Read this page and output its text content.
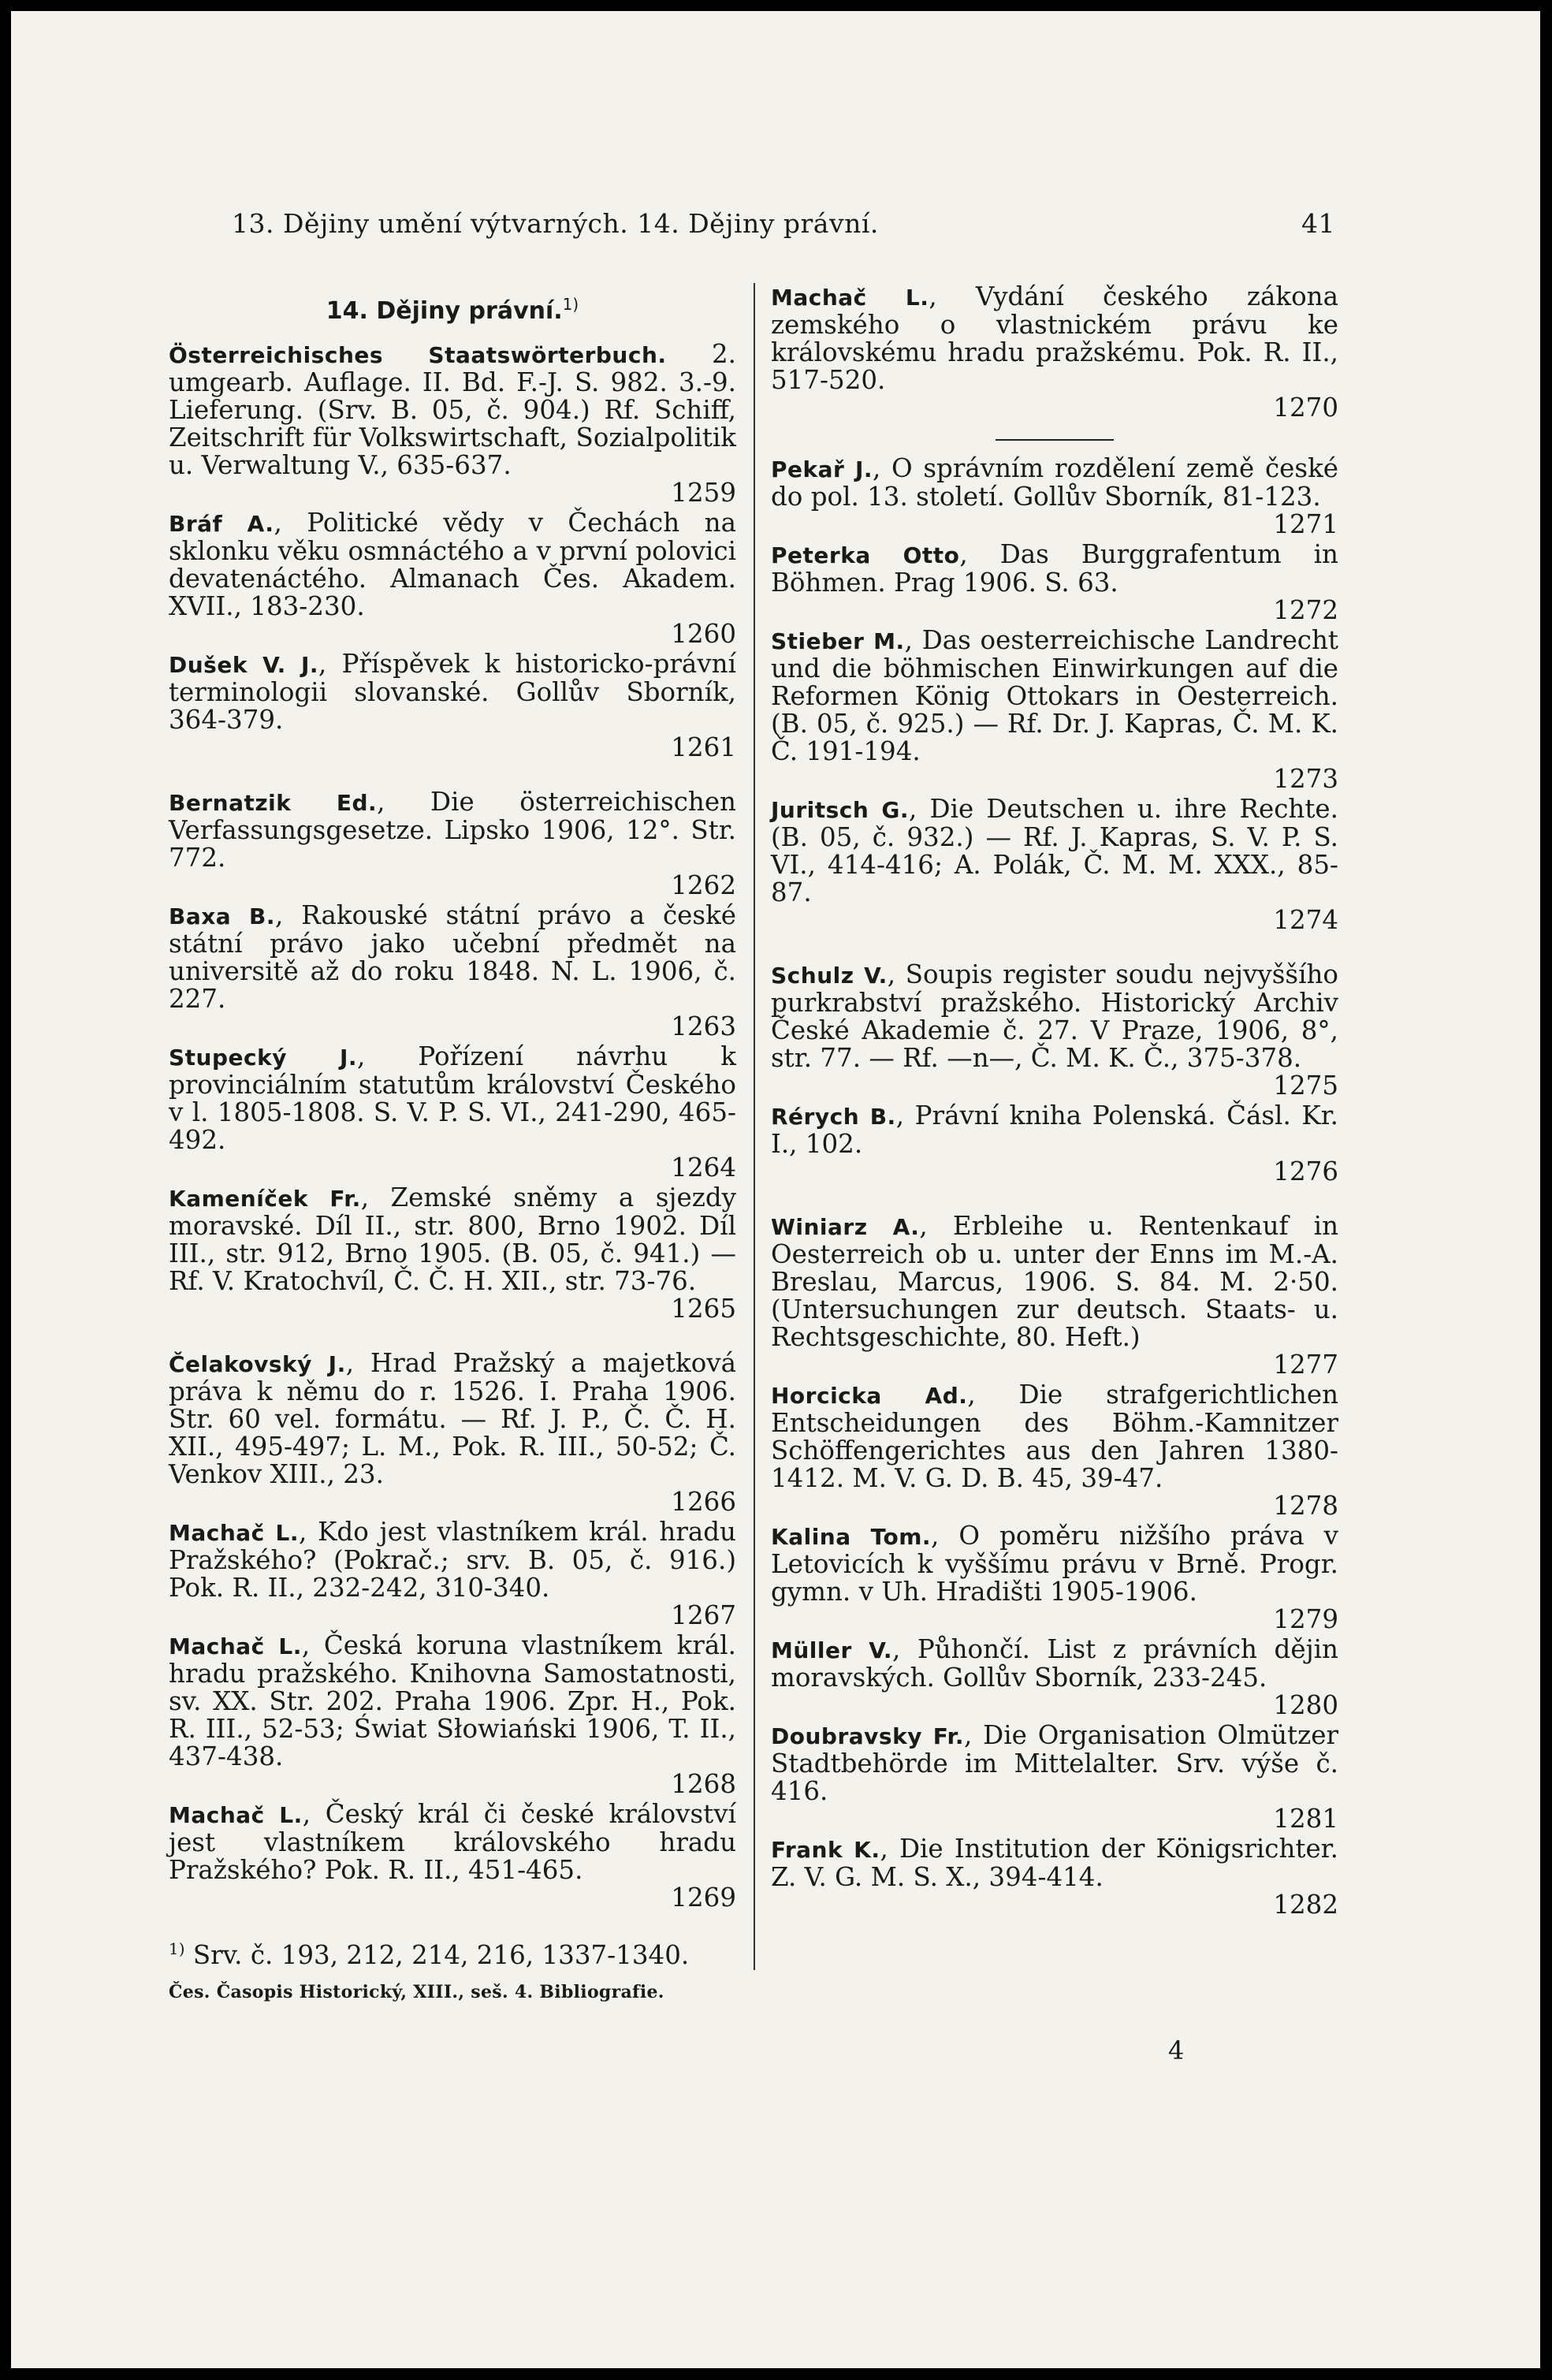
13. Dějiny umění výtvarných. 14. Dějiny právní.	41
14. Dějiny právní.$^{1)}$
Österreichisches Staatswörterbuch. 2. umgearb. Auflage. II. Bd. F.-J. S. 982. 3.-9. Lieferung. (Srv. B. 05, č. 904.) Rf. Schiff, Zeitschrift für Volkswirtschaft, Sozialpolitik u. Verwaltung V., 635-637.
1259
Bráf A., Politické vědy v Čechách na sklonku věku osmnáctého a v první polovici devatenáctého. Almanach Čes. Akadem. XVII., 183-230.
1260
Dušek V. J., Příspěvek k historicko-právní terminologii slovanské. Gollův Sborník, 364-379.
1261
Bernatzik Ed., Die österreichischen Verfassungsgesetze. Lipsko 1906, 12°. Str. 772.
1262
Baxa B., Rakouské státní právo a české státní právo jako učební předmět na universitě až do roku 1848. N. L. 1906, č. 227.
1263
Stupecký J., Pořízení návrhu k provinciálním statutům království Českého v l. 1805-1808. S. V. P. S. VI., 241-290, 465-492.
1264
Kameníček Fr., Zemské sněmy a sjezdy moravské. Díl II., str. 800, Brno 1902. Díl III., str. 912, Brno 1905. (B. 05, č. 941.) — Rf. V. Kratochvíl, Č. Č. H. XII., str. 73-76.
1265
Čelakovský J., Hrad Pražský a majetková práva k němu do r. 1526. I. Praha 1906. Str. 60 vel. formátu. — Rf. J. P., Č. Č. H. XII., 495-497; L. M., Pok. R. III., 50-52; Č. Venkov XIII., 23.
1266
Machač L., Kdo jest vlastníkem král. hradu Pražského? (Pokrač.; srv. B. 05, č. 916.) Pok. R. II., 232-242, 310-340.
1267
Machač L., Česká koruna vlastníkem král. hradu pražského. Knihovna Samostatnosti, sv. XX. Str. 202. Praha 1906. Zpr. H., Pok. R. III., 52-53; Świat Słowiański 1906, T. II., 437-438.
1268
Machač L., Český král či české království jest vlastníkem královského hradu Pražského? Pok. R. II., 451-465.
1269
$^{1)}$ Srv. č. 193, 212, 214, 216, 1337-1340.
Čes. Časopis Historický, XIII., seš. 4. Bibliografie.
Machač L., Vydání českého zákona zemského o vlastnickém právu ke královskému hradu pražskému. Pok. R. II., 517-520.
1270
Pekař J., O správním rozdělení země české do pol. 13. století. Gollův Sborník, 81-123.
1271
Peterka Otto, Das Burggrafentum in Böhmen. Prag 1906. S. 63.
1272
Stieber M., Das oesterreichische Landrecht und die böhmischen Einwirkungen auf die Reformen König Ottokars in Oesterreich. (B. 05, č. 925.) — Rf. Dr. J. Kapras, Č. M. K. Č. 191-194.
1273
Juritsch G., Die Deutschen u. ihre Rechte. (B. 05, č. 932.) — Rf. J. Kapras, S. V. P. S. VI., 414-416; A. Polák, Č. M. M. XXX., 85-87.
1274
Schulz V., Soupis register soudu nejvyššího purkrabství pražského. Historický Archiv České Akademie č. 27. V Praze, 1906, 8°, str. 77. — Rf. —n—, Č. M. K. Č., 375-378.
1275
Rérych B., Právní kniha Polenská. Čásl. Kr. I., 102.
1276
Winiarz A., Erbleihe u. Rentenkauf in Oesterreich ob u. unter der Enns im M.-A. Breslau, Marcus, 1906. S. 84. M. 2·50. (Untersuchungen zur deutsch. Staats- u. Rechtsgeschichte, 80. Heft.)
1277
Horcicka Ad., Die strafgerichtlichen Entscheidungen des Böhm.-Kamnitzer Schöffengerichtes aus den Jahren 1380-1412. M. V. G. D. B. 45, 39-47.
1278
Kalina Tom., O poměru nižšího práva v Letovicích k vyššímu právu v Brně. Progr. gymn. v Uh. Hradišti 1905-1906.
1279
Müller V., Půhončí. List z právních dějin moravských. Gollův Sborník, 233-245.
1280
Doubravsky Fr., Die Organisation Olmützer Stadtbehörde im Mittelalter. Srv. výše č. 416.
1281
Frank K., Die Institution der Königsrichter. Z. V. G. M. S. X., 394-414.
1282
4
